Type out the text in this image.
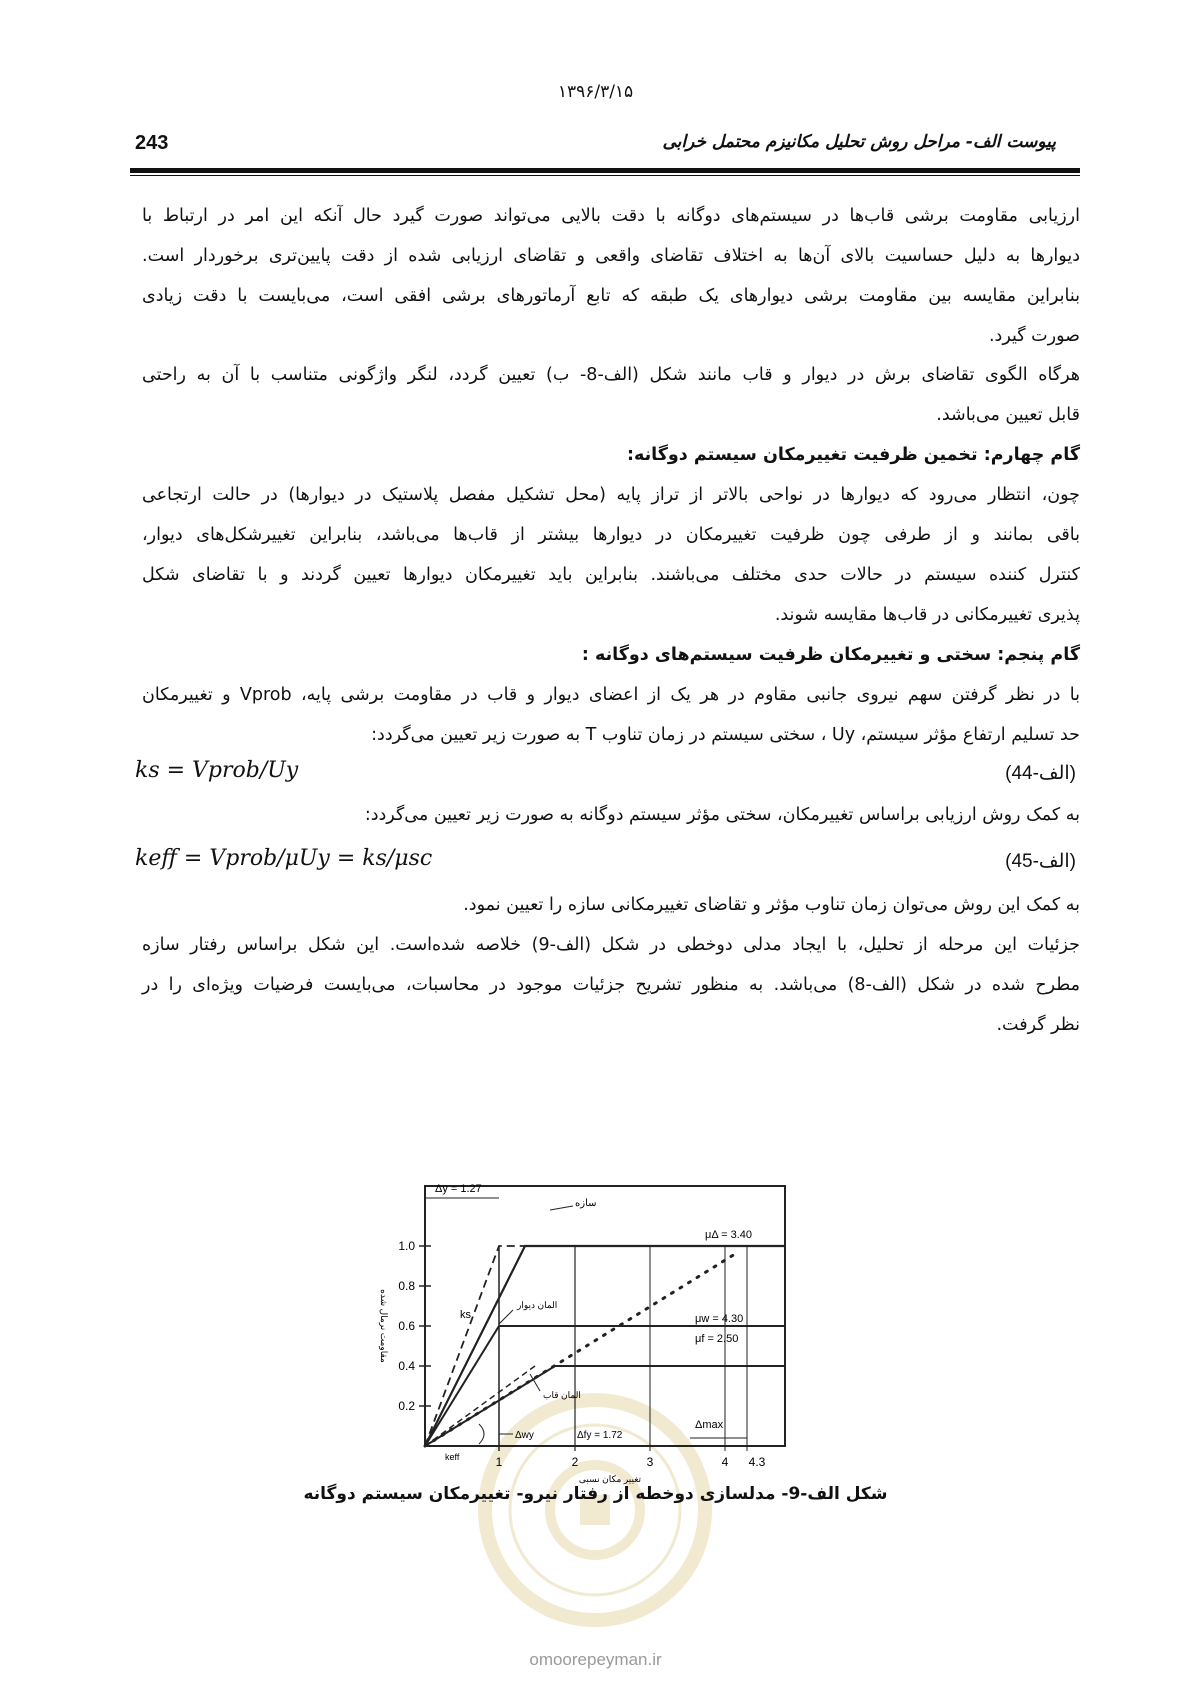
۱۳۹۶/۳/۱۵
243	پیوست الف- مراحل روش تحلیل مکانیزم محتمل خرابی
ارزیابی مقاومت برشی قاب‌ها در سیستم‌های دوگانه با دقت بالایی می‌تواند صورت گیرد حال آنکه این امر در ارتباط با
دیوارها به دلیل حساسیت بالای آن‌ها به اختلاف تقاضای واقعی و تقاضای ارزیابی شده از دقت پایین‌تری برخوردار است.
بنابراین مقایسه بین مقاومت برشی دیوارهای یک طبقه که تابع آرماتورهای برشی افقی است، می‌بایست با دقت زیادی
صورت گیرد.
هرگاه الگوی تقاضای برش در دیوار و قاب مانند شکل (الف-8- ب) تعیین گردد، لنگر واژگونی متناسب با آن به راحتی
قابل تعیین می‌باشد.
گام چهارم: تخمین ظرفیت تغییرمکان سیستم دوگانه:
چون، انتظار می‌رود که دیوارها در نواحی بالاتر از تراز پایه (محل تشکیل مفصل پلاستیک در دیوارها) در حالت ارتجاعی
باقی بمانند و از طرفی چون ظرفیت تغییرمکان در دیوارها بیشتر از قاب‌ها می‌باشد، بنابراین تغییرشکل‌های دیوار،
کنترل کننده سیستم در حالات حدی مختلف می‌باشند. بنابراین باید تغییرمکان دیوارها تعیین گردند و با تقاضای شکل
پذیری تغییرمکانی در قاب‌ها مقایسه شوند.
گام پنجم: سختی و تغییرمکان ظرفیت سیستم‌های دوگانه :
با در نظر گرفتن سهم نیروی جانبی مقاوم در هر یک از اعضای دیوار و قاب در مقاومت برشی پایه، Vprob و تغییرمکان
حد تسلیم ارتفاع مؤثر سیستم، Uy ، سختی سیستم در زمان تناوب T به صورت زیر تعیین می‌گردد:
ks = Vprob/Uy	(الف-44)
به کمک روش ارزیابی براساس تغییرمکان، سختی مؤثر سیستم دوگانه به صورت زیر تعیین می‌گردد:
keff = Vprob/μUy = ks/μsc	(الف-45)
به کمک این روش می‌توان زمان تناوب مؤثر و تقاضای تغییرمکانی سازه را تعیین نمود.
جزئیات این مرحله از تحلیل، با ایجاد مدلی دوخطی در شکل (الف-9) خلاصه شده‌است. این شکل براساس رفتار سازه
مطرح شده در شکل (الف-8) می‌باشد. به منظور تشریح جزئیات موجود در محاسبات، می‌بایست فرضیات ویژه‌ای را در
نظر گرفت.
1.0
0.8
0.6
0.4
0.2
مقاومت نرمال شده
1	2	3	4 4.3
تغییر مکان نسبی
Δy = 1.27
سازه
μΔ = 3.40
ks
المان دیوار
μw = 4.30
μf = 2.50
المان قاب
Δwy	Δfy = 1.72
Δmax
keff
شکل الف-9- مدلسازی دوخطه از رفتار نیرو- تغییرمکان سیستم دوگانه
omoorepeyman.ir
